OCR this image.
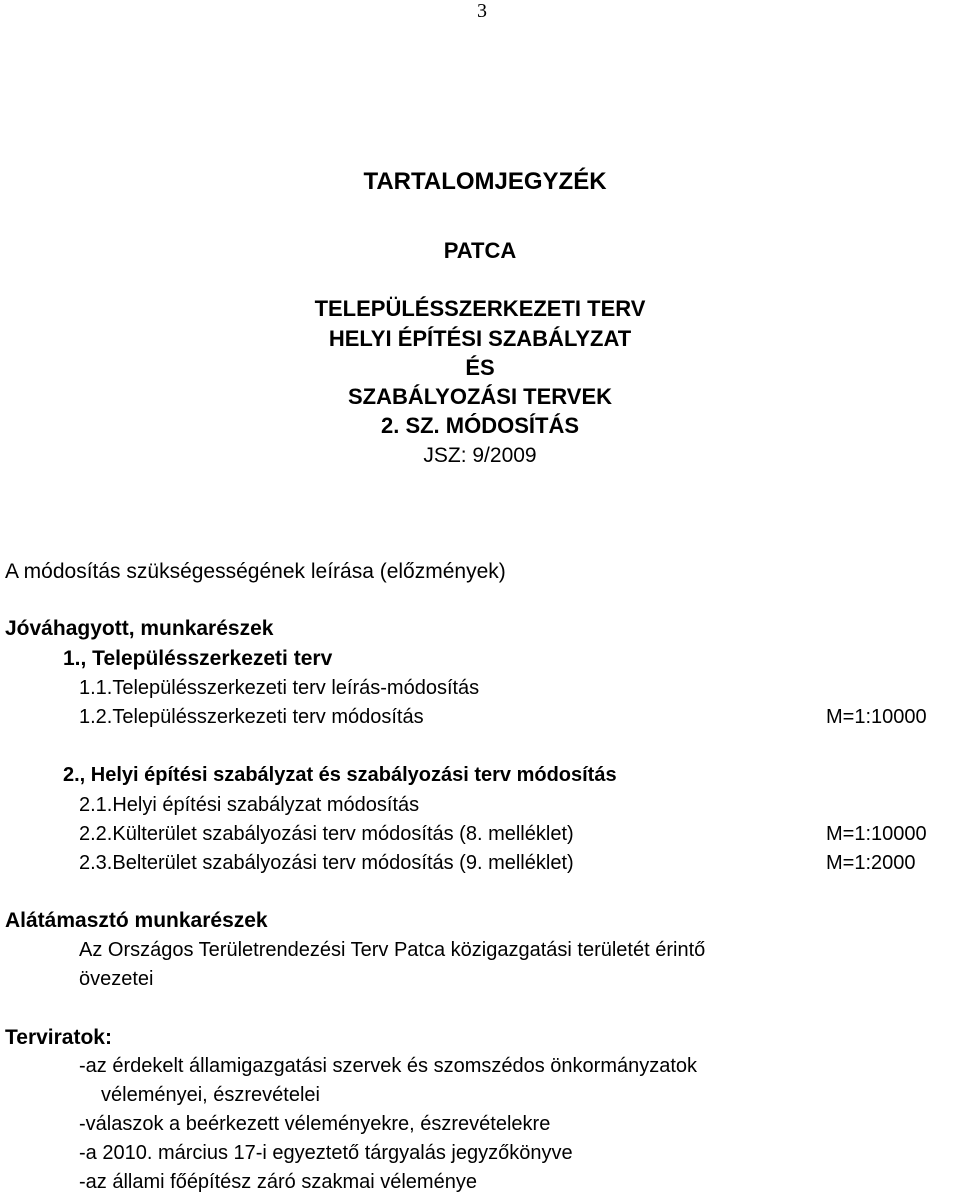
3
TARTALOMJEGYZÉK
PATCA
TELEPÜLÉSSZERKEZETI TERV
HELYI ÉPÍTÉSI SZABÁLYZAT
ÉS
SZABÁLYOZÁSI TERVEK
2. SZ. MÓDOSÍTÁS
JSZ: 9/2009
A módosítás szükségességének leírása (előzmények)
Jóváhagyott, munkarészek
1., Településszerkezeti terv
1.1.Településszerkezeti terv leírás-módosítás
1.2.Településszerkezeti terv módosítás	M=1:10000
2., Helyi építési szabályzat és szabályozási terv módosítás
2.1.Helyi építési szabályzat módosítás
2.2.Külterület szabályozási terv módosítás (8. melléklet)	M=1:10000
2.3.Belterület szabályozási terv módosítás (9. melléklet)	M=1:2000
Alátámasztó munkarészek
Az Országos Területrendezési Terv Patca közigazgatási területét érintő
övezetei
Terviratok:
-az érdekelt államigazgatási szervek és szomszédos önkormányzatok
véleményei, észrevételei
-válaszok a beérkezett véleményekre, észrevételekre
-a 2010. március 17-i egyeztető tárgyalás jegyzőkönyve
-az állami főépítész záró szakmai véleménye
